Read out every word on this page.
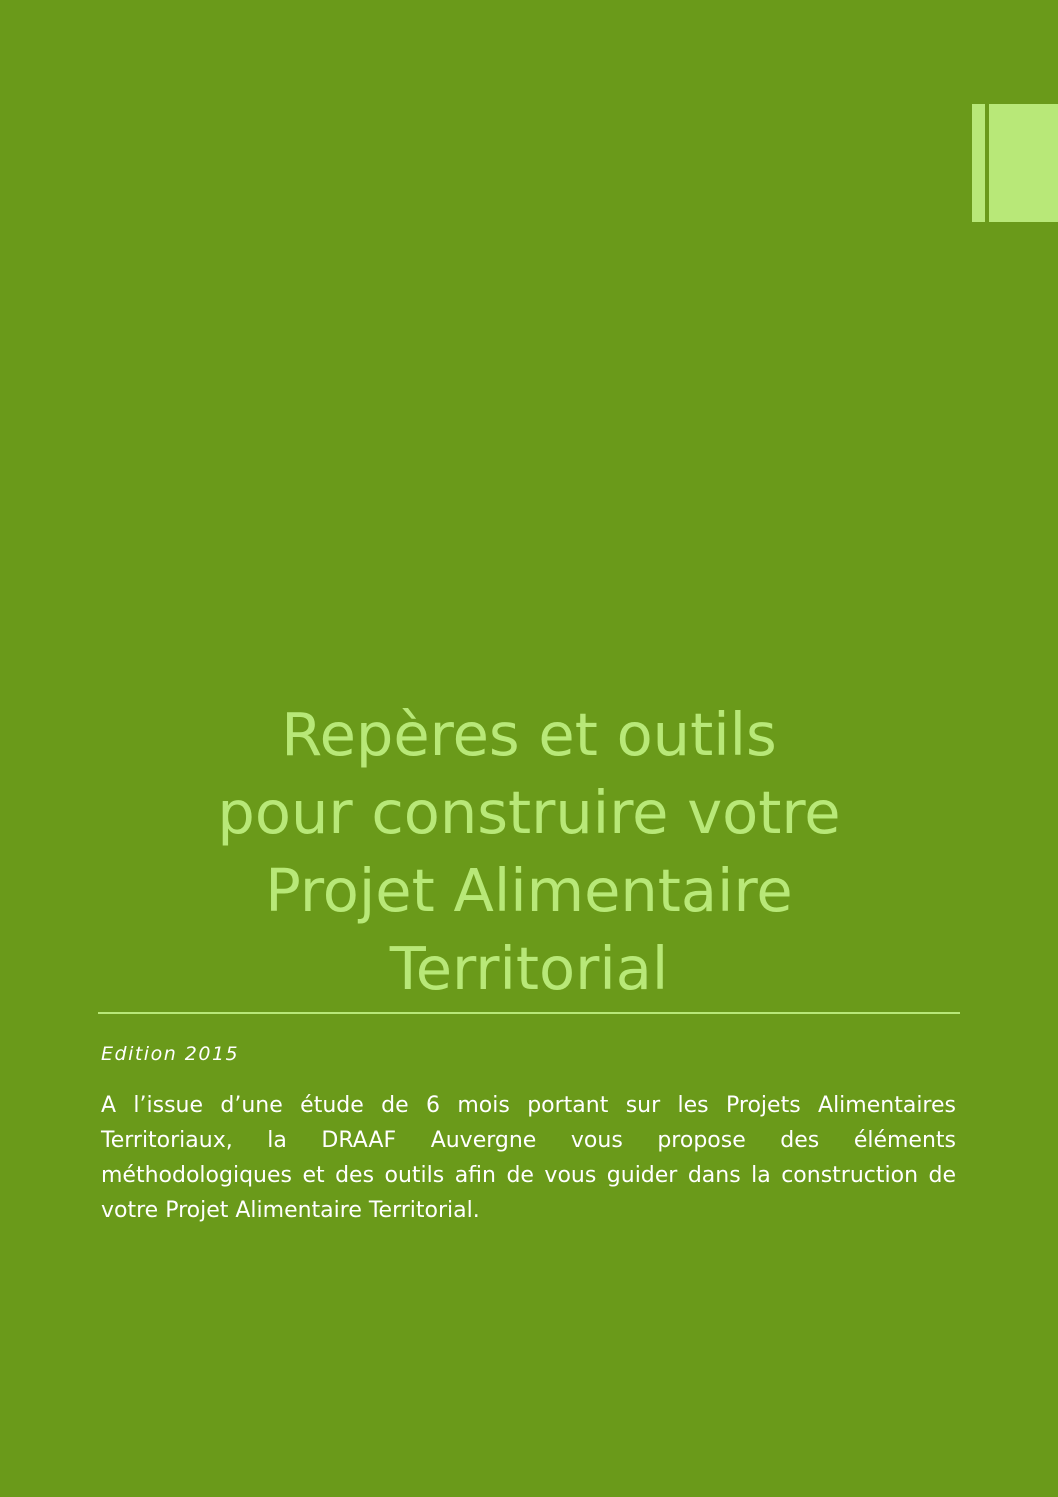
Repères et outils
pour construire votre
Projet Alimentaire
Territorial
Edition 2015
A l’issue d’une étude de 6 mois portant sur les Projets Alimentaires Territoriaux, la DRAAF Auvergne vous propose des éléments méthodologiques et des outils afin de vous guider dans la construction de votre Projet Alimentaire Territorial.
